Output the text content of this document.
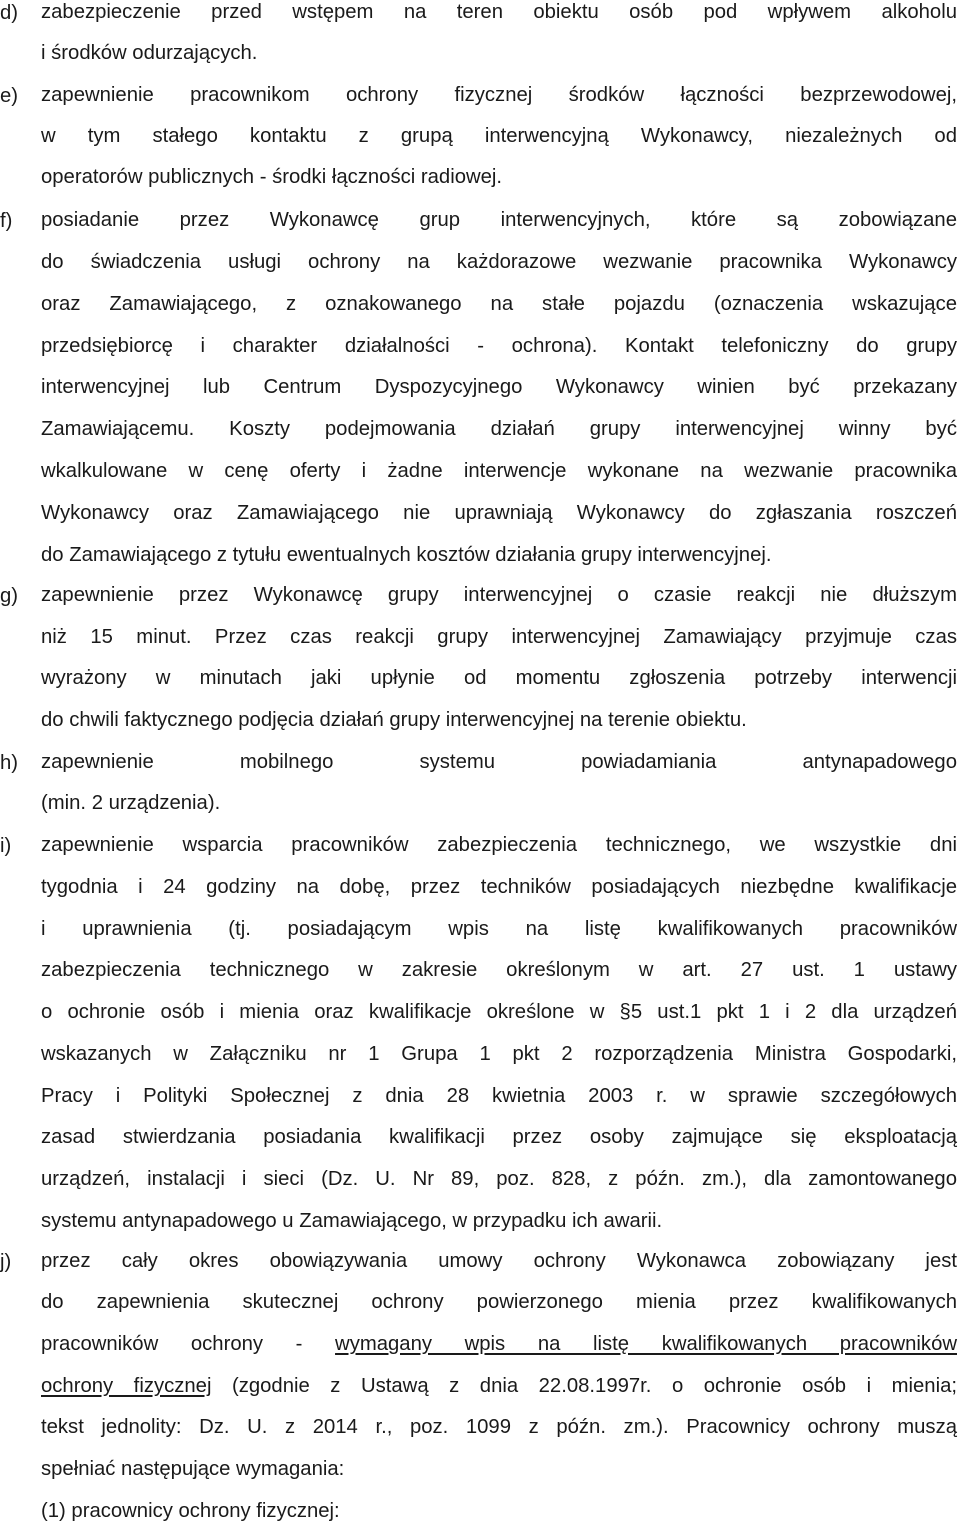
d)	zabezpieczenie przed wstępem na teren obiektu osób pod wpływem alkoholu
i środków odurzających.
e)	zapewnienie pracownikom ochrony fizycznej środków łączności bezprzewodowej,
w tym stałego kontaktu z grupą interwencyjną Wykonawcy, niezależnych od
operatorów publicznych - środki łączności radiowej.
f)	posiadanie przez Wykonawcę grup interwencyjnych, które są zobowiązane
do świadczenia usługi ochrony na każdorazowe wezwanie pracownika Wykonawcy
oraz Zamawiającego, z oznakowanego na stałe pojazdu (oznaczenia wskazujące
przedsiębiorcę i charakter działalności - ochrona). Kontakt telefoniczny do grupy
interwencyjnej lub Centrum Dyspozycyjnego Wykonawcy winien być przekazany
Zamawiającemu. Koszty podejmowania działań grupy interwencyjnej winny być
wkalkulowane w cenę oferty i żadne interwencje wykonane na wezwanie pracownika
Wykonawcy oraz Zamawiającego nie uprawniają Wykonawcy do zgłaszania roszczeń
do Zamawiającego z tytułu ewentualnych kosztów działania grupy interwencyjnej.
g)	zapewnienie przez Wykonawcę grupy interwencyjnej o czasie reakcji nie dłuższym
niż 15 minut. Przez czas reakcji grupy interwencyjnej Zamawiający przyjmuje czas
wyrażony w minutach jaki upłynie od momentu zgłoszenia potrzeby interwencji
do chwili faktycznego podjęcia działań grupy interwencyjnej na terenie obiektu.
h)	zapewnienie mobilnego systemu powiadamiania antynapadowego
(min. 2 urządzenia).
i)	zapewnienie wsparcia pracowników zabezpieczenia technicznego, we wszystkie dni
tygodnia i 24 godziny na dobę, przez techników posiadających niezbędne kwalifikacje
i uprawnienia (tj. posiadającym wpis na listę kwalifikowanych pracowników
zabezpieczenia technicznego w zakresie określonym w art. 27 ust. 1 ustawy
o ochronie osób i mienia oraz kwalifikacje określone w §5 ust.1 pkt 1 i 2 dla urządzeń
wskazanych w Załączniku nr 1 Grupa 1 pkt 2 rozporządzenia Ministra Gospodarki,
Pracy i Polityki Społecznej z dnia 28 kwietnia 2003 r. w sprawie szczegółowych
zasad stwierdzania posiadania kwalifikacji przez osoby zajmujące się eksploatacją
urządzeń, instalacji i sieci (Dz. U. Nr 89, poz. 828, z późn. zm.), dla zamontowanego
systemu antynapadowego u Zamawiającego, w przypadku ich awarii.
j)	przez cały okres obowiązywania umowy ochrony Wykonawca zobowiązany jest
do zapewnienia skutecznej ochrony powierzonego mienia przez kwalifikowanych
pracowników ochrony - wymagany wpis na listę kwalifikowanych pracowników
ochrony fizycznej (zgodnie z Ustawą z dnia 22.08.1997r. o ochronie osób i mienia;
tekst jednolity: Dz. U. z 2014 r., poz. 1099 z późn. zm.). Pracownicy ochrony muszą
spełniać następujące wymagania:
(1) pracownicy ochrony fizycznej:
